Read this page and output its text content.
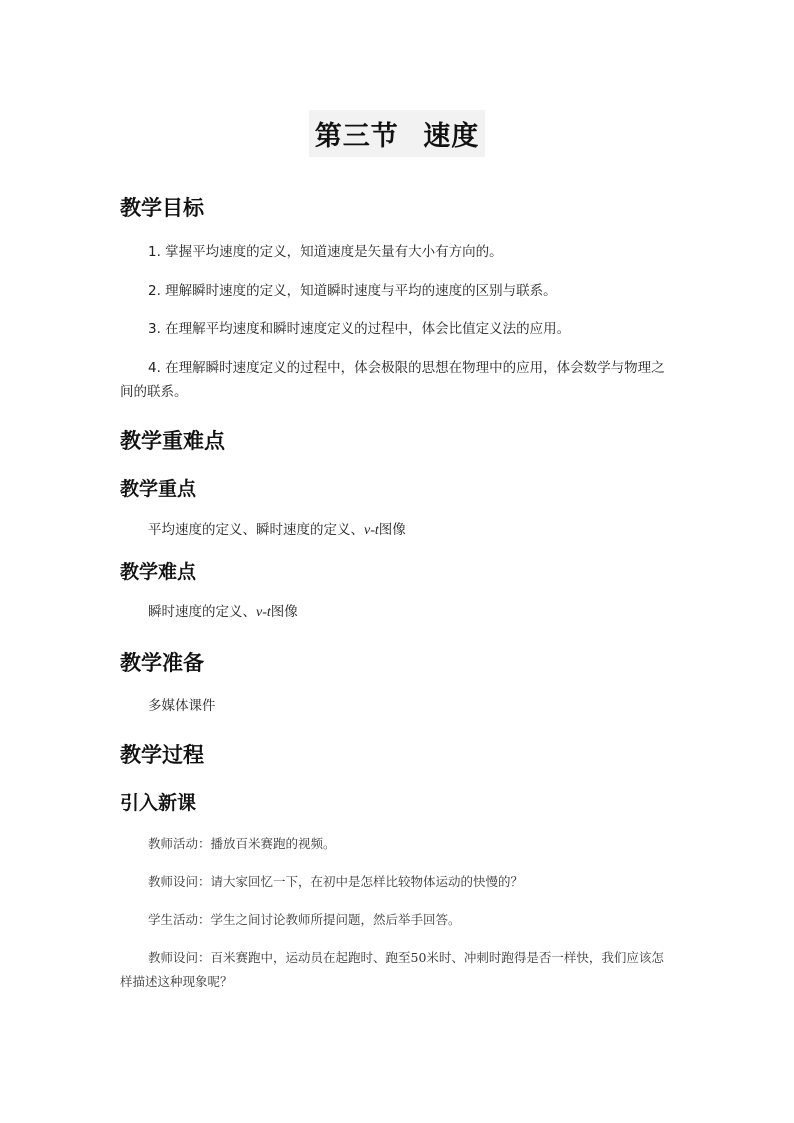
第三节 速度
教学目标
1. 掌握平均速度的定义，知道速度是矢量有大小有方向的。
2. 理解瞬时速度的定义，知道瞬时速度与平均的速度的区别与联系。
3. 在理解平均速度和瞬时速度定义的过程中，体会比值定义法的应用。
4. 在理解瞬时速度定义的过程中，体会极限的思想在物理中的应用，体会数学与物理之间的联系。
教学重难点
教学重点
平均速度的定义、瞬时速度的定义、v-t图像
教学难点
瞬时速度的定义、v-t图像
教学准备
多媒体课件
教学过程
引入新课
教师活动：播放百米赛跑的视频。
教师设问：请大家回忆一下，在初中是怎样比较物体运动的快慢的？
学生活动：学生之间讨论教师所提问题，然后举手回答。
教师设问：百米赛跑中，运动员在起跑时、跑至50米时、冲刺时跑得是否一样快，我们应该怎样描述这种现象呢？
